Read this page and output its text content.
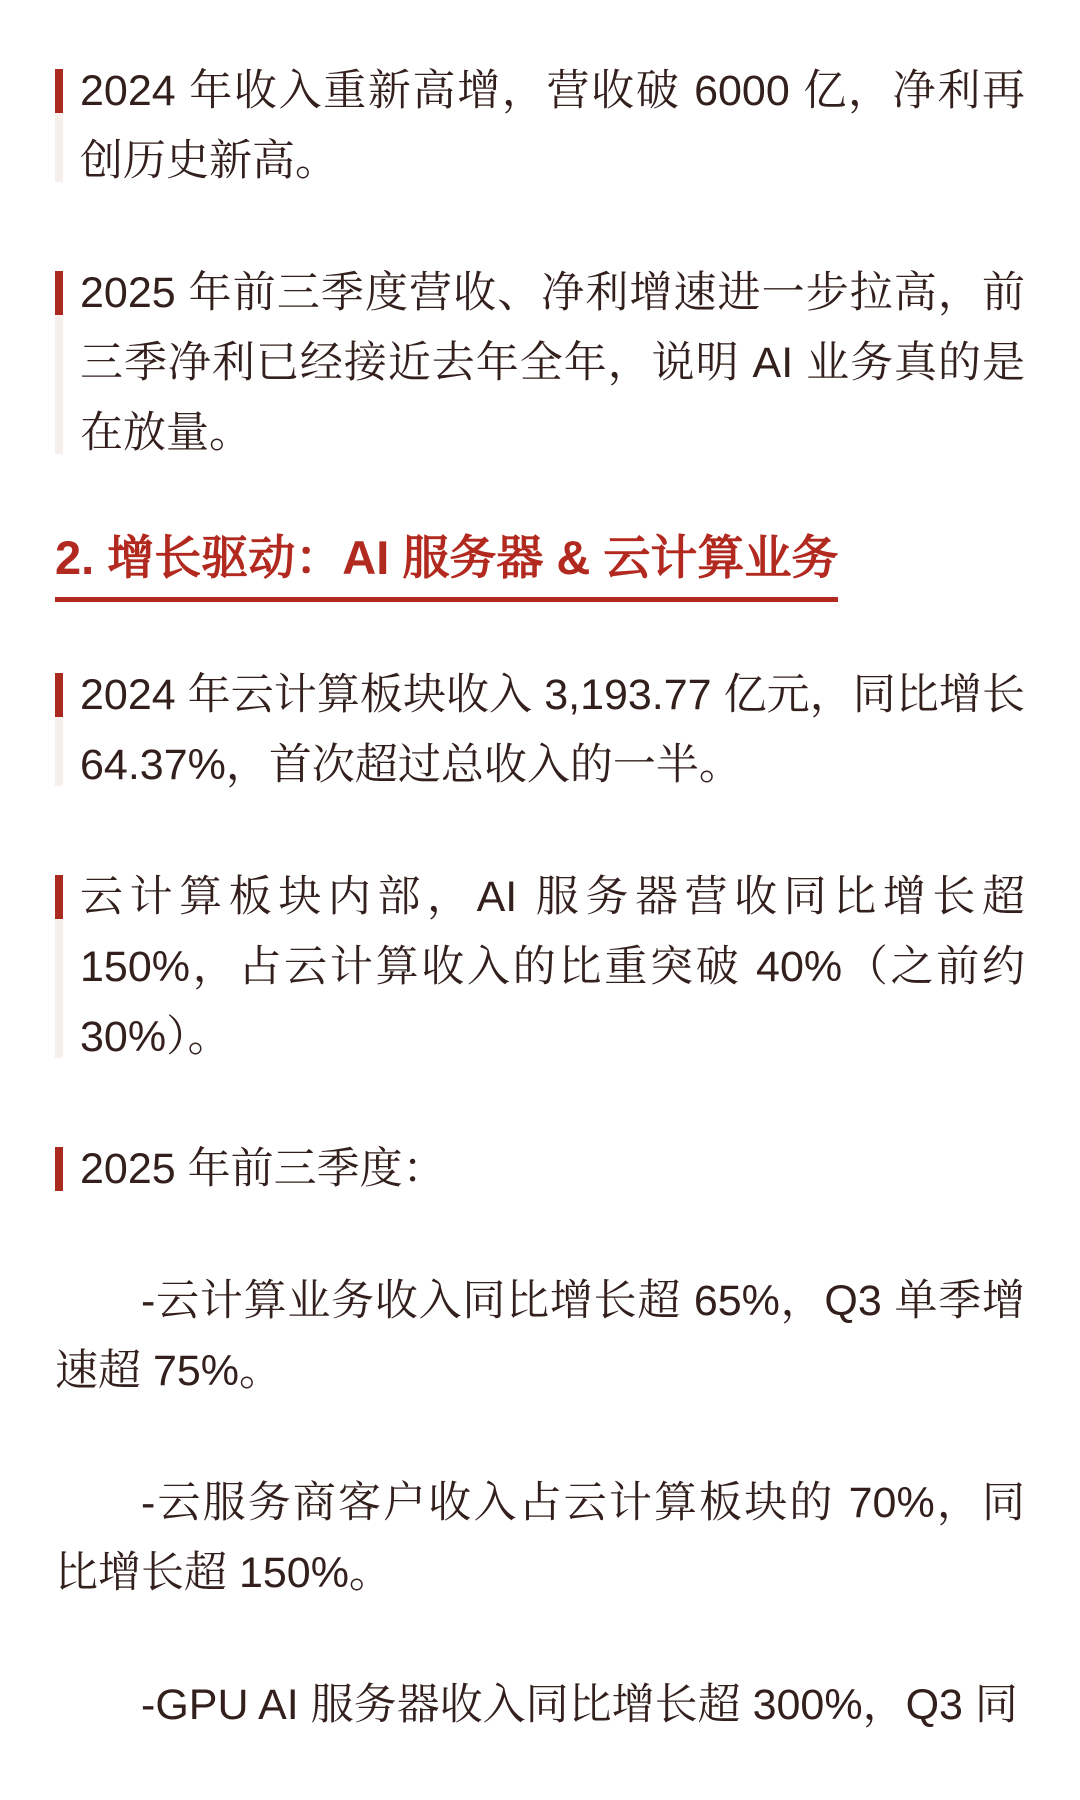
2024 年收入重新高增，营收破 6000 亿，净利再创历史新高。

2025 年前三季度营收、净利增速进一步拉高，前三季净利已经接近去年全年，说明 AI 业务真的是在放量。

2. 增长驱动：AI 服务器 & 云计算业务

2024 年云计算板块收入 3,193.77 亿元，同比增长 64.37%，首次超过总收入的一半。

云计算板块内部，AI 服务器营收同比增长超 150%，占云计算收入的比重突破 40%（之前约 30%）。

2025 年前三季度：

-云计算业务收入同比增长超 65%，Q3 单季增速超 75%。

-云服务商客户收入占云计算板块的 70%，同比增长超 150%。

-GPU AI 服务器收入同比增长超 300%，Q3 同
